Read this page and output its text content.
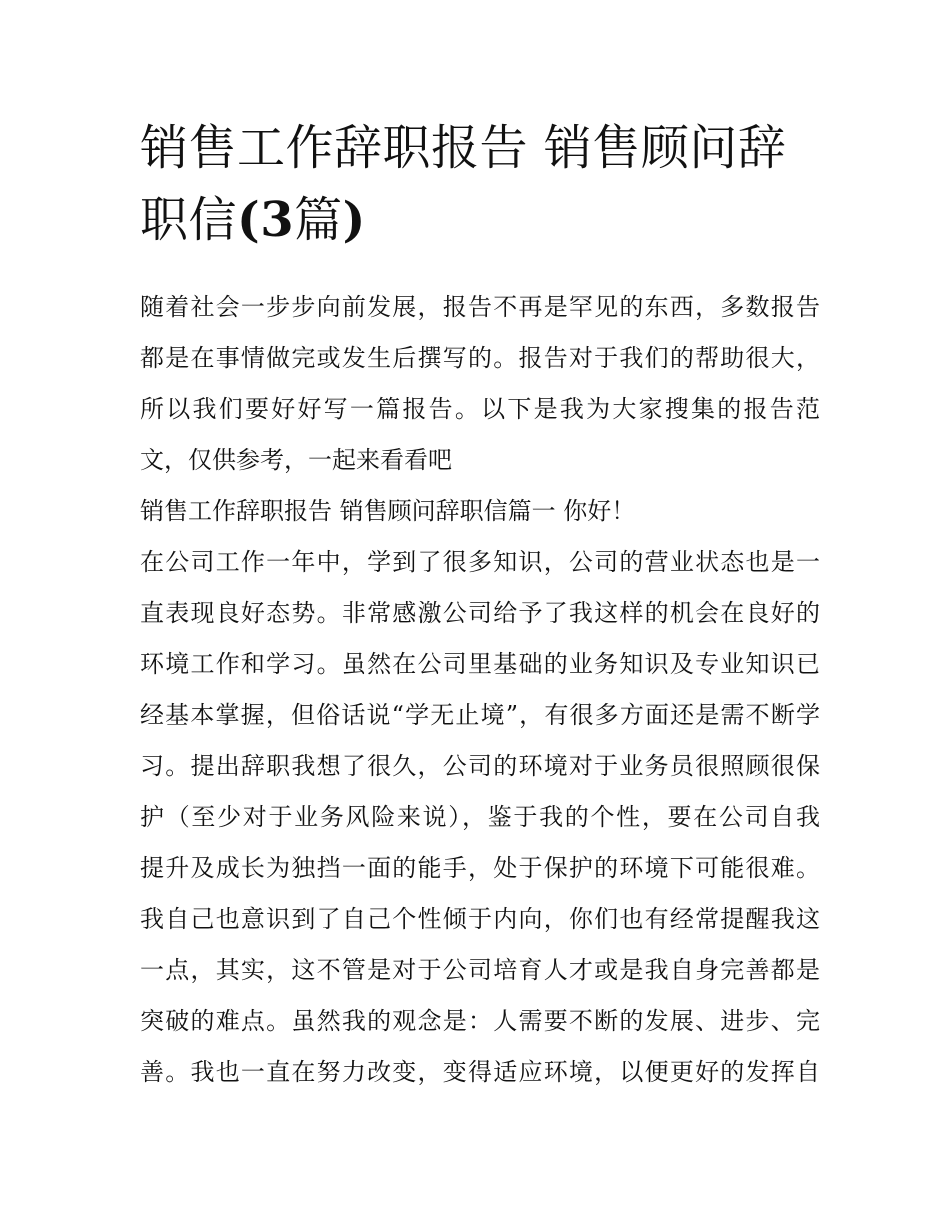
销售工作辞职报告 销售顾问辞
职信(3篇)
随着社会一步步向前发展，报告不再是罕见的东西，多数报告
都是在事情做完或发生后撰写的。报告对于我们的帮助很大，
所以我们要好好写一篇报告。以下是我为大家搜集的报告范
文，仅供参考，一起来看看吧
销售工作辞职报告 销售顾问辞职信篇一 你好！
在公司工作一年中，学到了很多知识，公司的营业状态也是一
直表现良好态势。非常感激公司给予了我这样的机会在良好的
环境工作和学习。虽然在公司里基础的业务知识及专业知识已
经基本掌握，但俗话说“学无止境”，有很多方面还是需不断学
习。提出辞职我想了很久，公司的环境对于业务员很照顾很保
护（至少对于业务风险来说），鉴于我的个性，要在公司自我
提升及成长为独挡一面的能手，处于保护的环境下可能很难。
我自己也意识到了自己个性倾于内向，你们也有经常提醒我这
一点，其实，这不管是对于公司培育人才或是我自身完善都是
突破的难点。虽然我的观念是：人需要不断的发展、进步、完
善。我也一直在努力改变，变得适应环境，以便更好的发挥自
